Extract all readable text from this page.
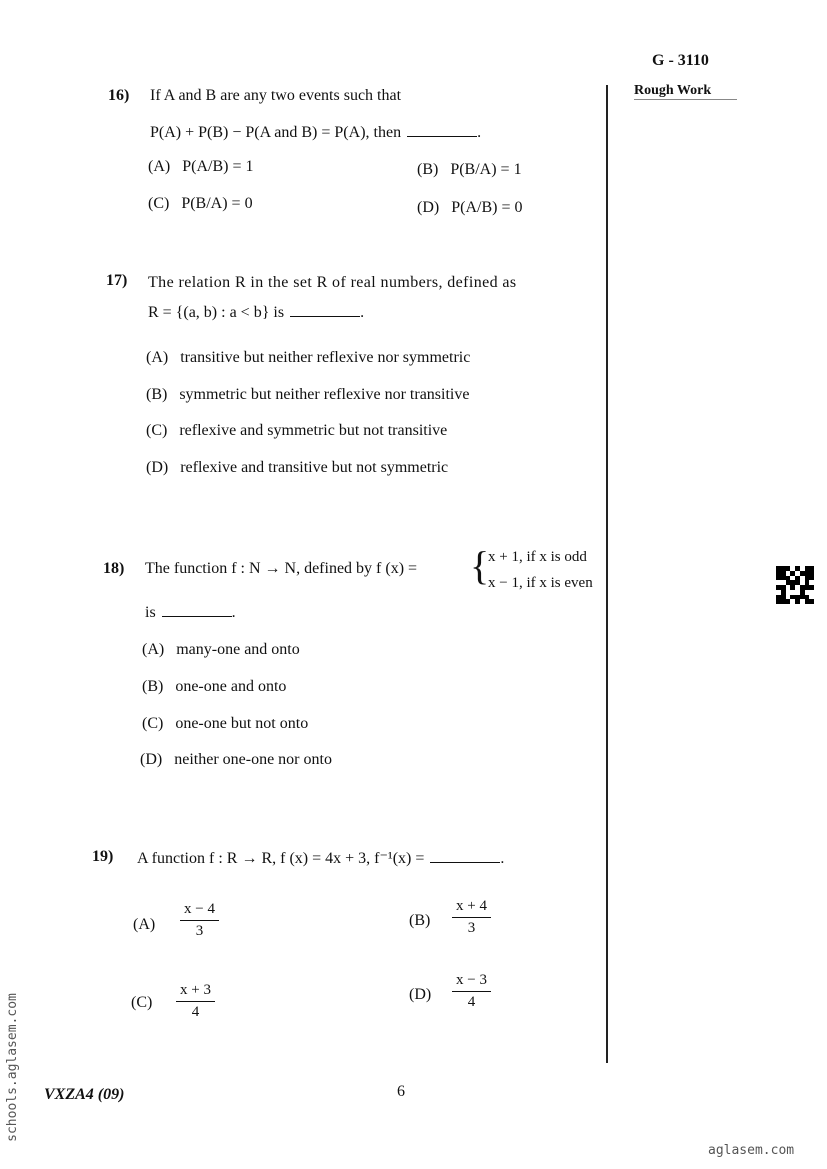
G - 3110
Rough Work
16) If A and B are any two events such that
P(A) + P(B) − P(A and B) = P(A), then	.
(A) P(A/B) = 1	(B) P(B/A) = 1
(C) P(B/A) = 0	(D) P(A/B) = 0
17) The relation R in the set R of real numbers, defined as
R = {(a, b) : a < b} is	.
(A) transitive but neither reflexive nor symmetric
(B) symmetric but neither reflexive nor transitive
(C) reflexive and symmetric but not transitive
(D) reflexive and transitive but not symmetric
18) The function f : N → N, defined by f (x) = {
x + 1, if x is odd
x − 1, if x is even
is	.
(A) many-one and onto
(B) one-one and onto
(C) one-one but not onto
(D) neither one-one nor onto
19) A function f : R → R, f (x) = 4x + 3, f⁻¹(x) =	.
$(A) \frac{x - 4}{3}$	$(B) \frac{x + 4}{3}$
$(C) \frac{x + 3}{4}$	$(D) \frac{x - 3}{4}$
VXZA4 (09)	6
schools.aglasem.com
aglasem.com
